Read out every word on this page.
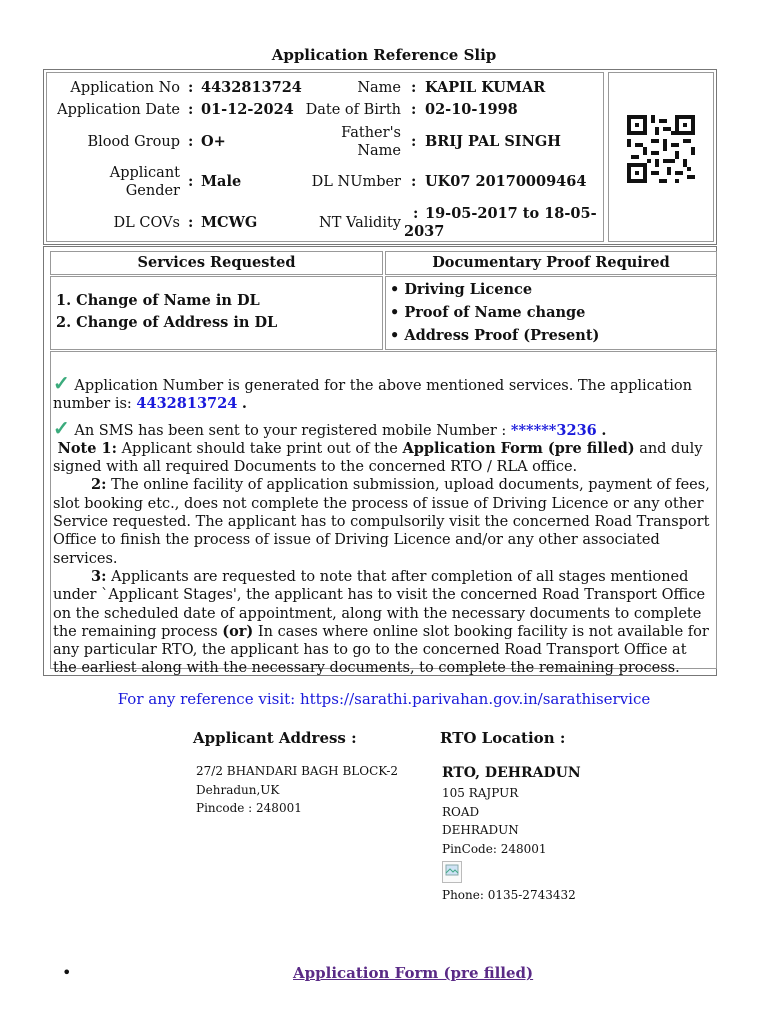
Application Reference Slip
Application No : 4432813724
Application Date : 01-12-2024
Blood Group : O+
Applicant
Gender
: Male
DL COVs : MCWG
Name : KAPIL KUMAR
Date of Birth : 02-10-1998
Father's
Name
: BRIJ PAL SINGH
DL NUmber : UK07 20170009464
NT Validity
: 19-05-2017 to 18-05-
2037
Services Requested	Documentary Proof Required
1. Change of Name in DL
2. Change of Address in DL
• Driving Licence
• Proof of Name change
• Address Proof (Present)
✓ Application Number is generated for the above mentioned services. The application number is: 4432813724 .
✓ An SMS has been sent to your registered mobile Number : ******3236 .
Note 1: Applicant should take print out of the Application Form (pre filled) and duly signed with all required Documents to the concerned RTO / RLA office.
2: The online facility of application submission, upload documents, payment of fees, slot booking etc., does not complete the process of issue of Driving Licence or any other Service requested. The applicant has to compulsorily visit the concerned Road Transport Office to finish the process of issue of Driving Licence and/or any other associated services.
3: Applicants are requested to note that after completion of all stages mentioned under `Applicant Stages', the applicant has to visit the concerned Road Transport Office on the scheduled date of appointment, along with the necessary documents to complete the remaining process (or) In cases where online slot booking facility is not available for any particular RTO, the applicant has to go to the concerned Road Transport Office at the earliest along with the necessary documents, to complete the remaining process.
For any reference visit: https://sarathi.parivahan.gov.in/sarathiservice
Applicant Address :
27/2 BHANDARI BAGH BLOCK-2
Dehradun,UK
Pincode : 248001
RTO Location :
RTO, DEHRADUN
105 RAJPUR
ROAD
DEHRADUN
PinCode: 248001
Phone: 0135-2743432
•	Application Form (pre filled)
